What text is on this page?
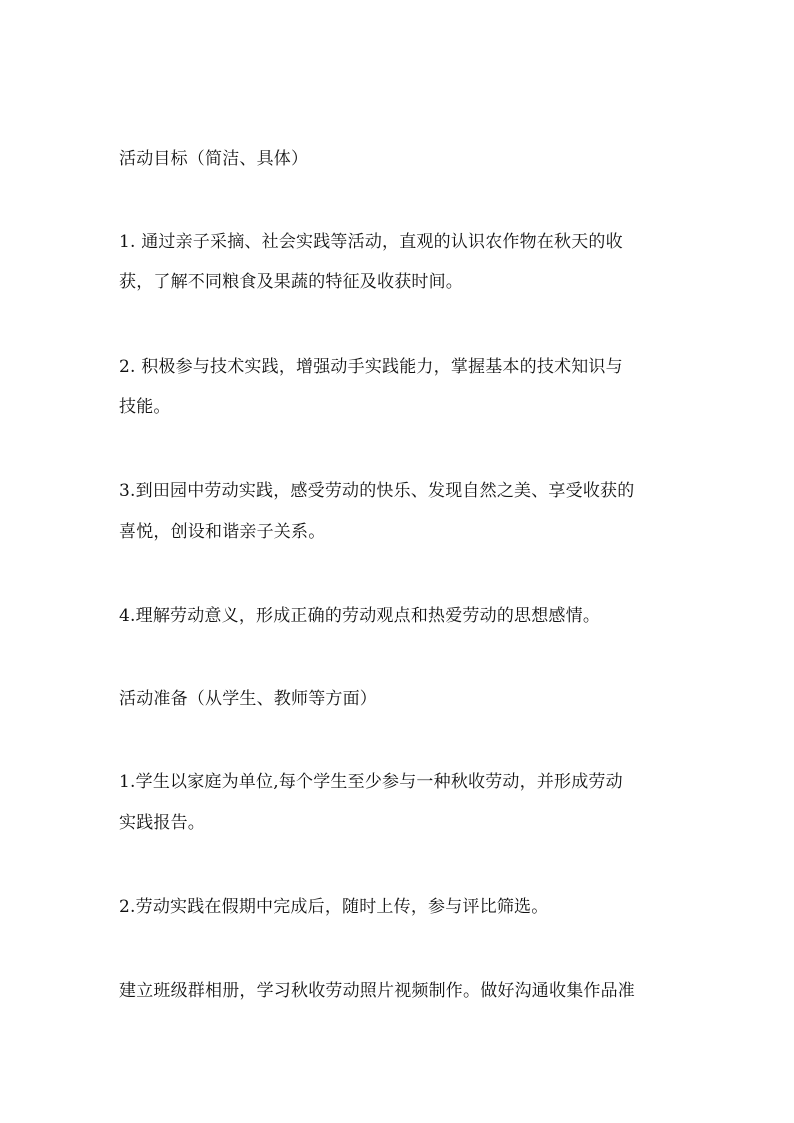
活动目标（简洁、具体）
1. 通过亲子采摘、社会实践等活动，直观的认识农作物在秋天的收
获，了解不同粮食及果蔬的特征及收获时间。
2. 积极参与技术实践，增强动手实践能力，掌握基本的技术知识与
技能。
3.到田园中劳动实践，感受劳动的快乐、发现自然之美、享受收获的
喜悦，创设和谐亲子关系。
4.理解劳动意义，形成正确的劳动观点和热爱劳动的思想感情。
活动准备（从学生、教师等方面）
1.学生以家庭为单位,每个学生至少参与一种秋收劳动，并形成劳动
实践报告。
2.劳动实践在假期中完成后，随时上传，参与评比筛选。
建立班级群相册，学习秋收劳动照片视频制作。做好沟通收集作品准
